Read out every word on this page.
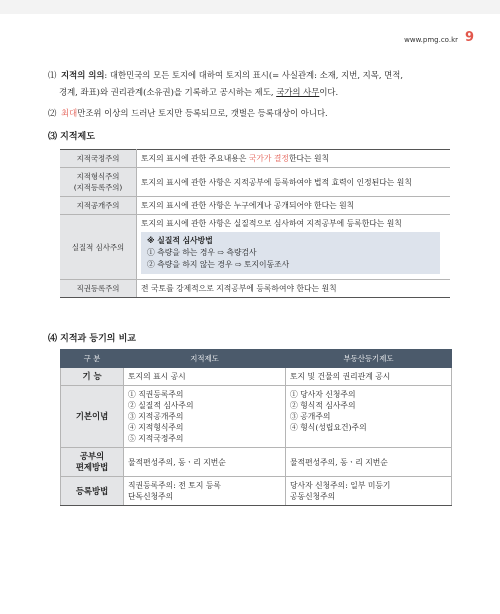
www.pmg.co.kr 9
⑴ 지적의 의의: 대한민국의 모든 토지에 대하여 토지의 표시(= 사실관계: 소재, 지번, 지목, 면적,
경계, 좌표)와 권리관계(소유권)을 기록하고 공시하는 제도, 국가의 사무이다.
⑵ 최대만조위 이상의 드러난 토지만 등록되므로, 갯벌은 등록대상이 아니다.
⑶ 지적제도
지적국정주의	토지의 표시에 관한 주요내용은 국가가 결정한다는 원칙

지적형식주의
(지적등록주의)	토지의 표시에 관한 사항은 지적공부에 등록하여야 법적 효력이 인정된다는 원칙
지적공개주의	토지의 표시에 관한 사항은 누구에게나 공개되어야 한다는 원칙
실질적 심사주의	토지의 표시에 관한 사항은 실질적으로 심사하여 지적공부에 등록한다는 원칙
※ 실질적 심사방법
① 측량을 하는 경우 ⇨ 측량검사
② 측량을 하지 않는 경우 ⇨ 토지이동조사

직권등록주의	전 국토를 강제적으로 지적공부에 등록하여야 한다는 원칙
⑷ 지적과 등기의 비교
구 분	지적제도	부동산등기제도
기 능	토지의 표시 공시	토지 및 건물의 권리관계 공시

기본이념	① 직권등록주의
② 실질적 심사주의
③ 지적공개주의
④ 지적형식주의
⑤ 지적국정주의	① 당사자 신청주의
② 형식적 심사주의
③ 공개주의
④ 형식(성립요건)주의

공부의
편제방법	물적편성주의, 동ㆍ리 지번순	물적편성주의, 동ㆍ리 지번순

등록방법	직권등록주의: 전 토지 등록
단독신청주의	당사자 신청주의: 일부 미등기
공동신청주의
